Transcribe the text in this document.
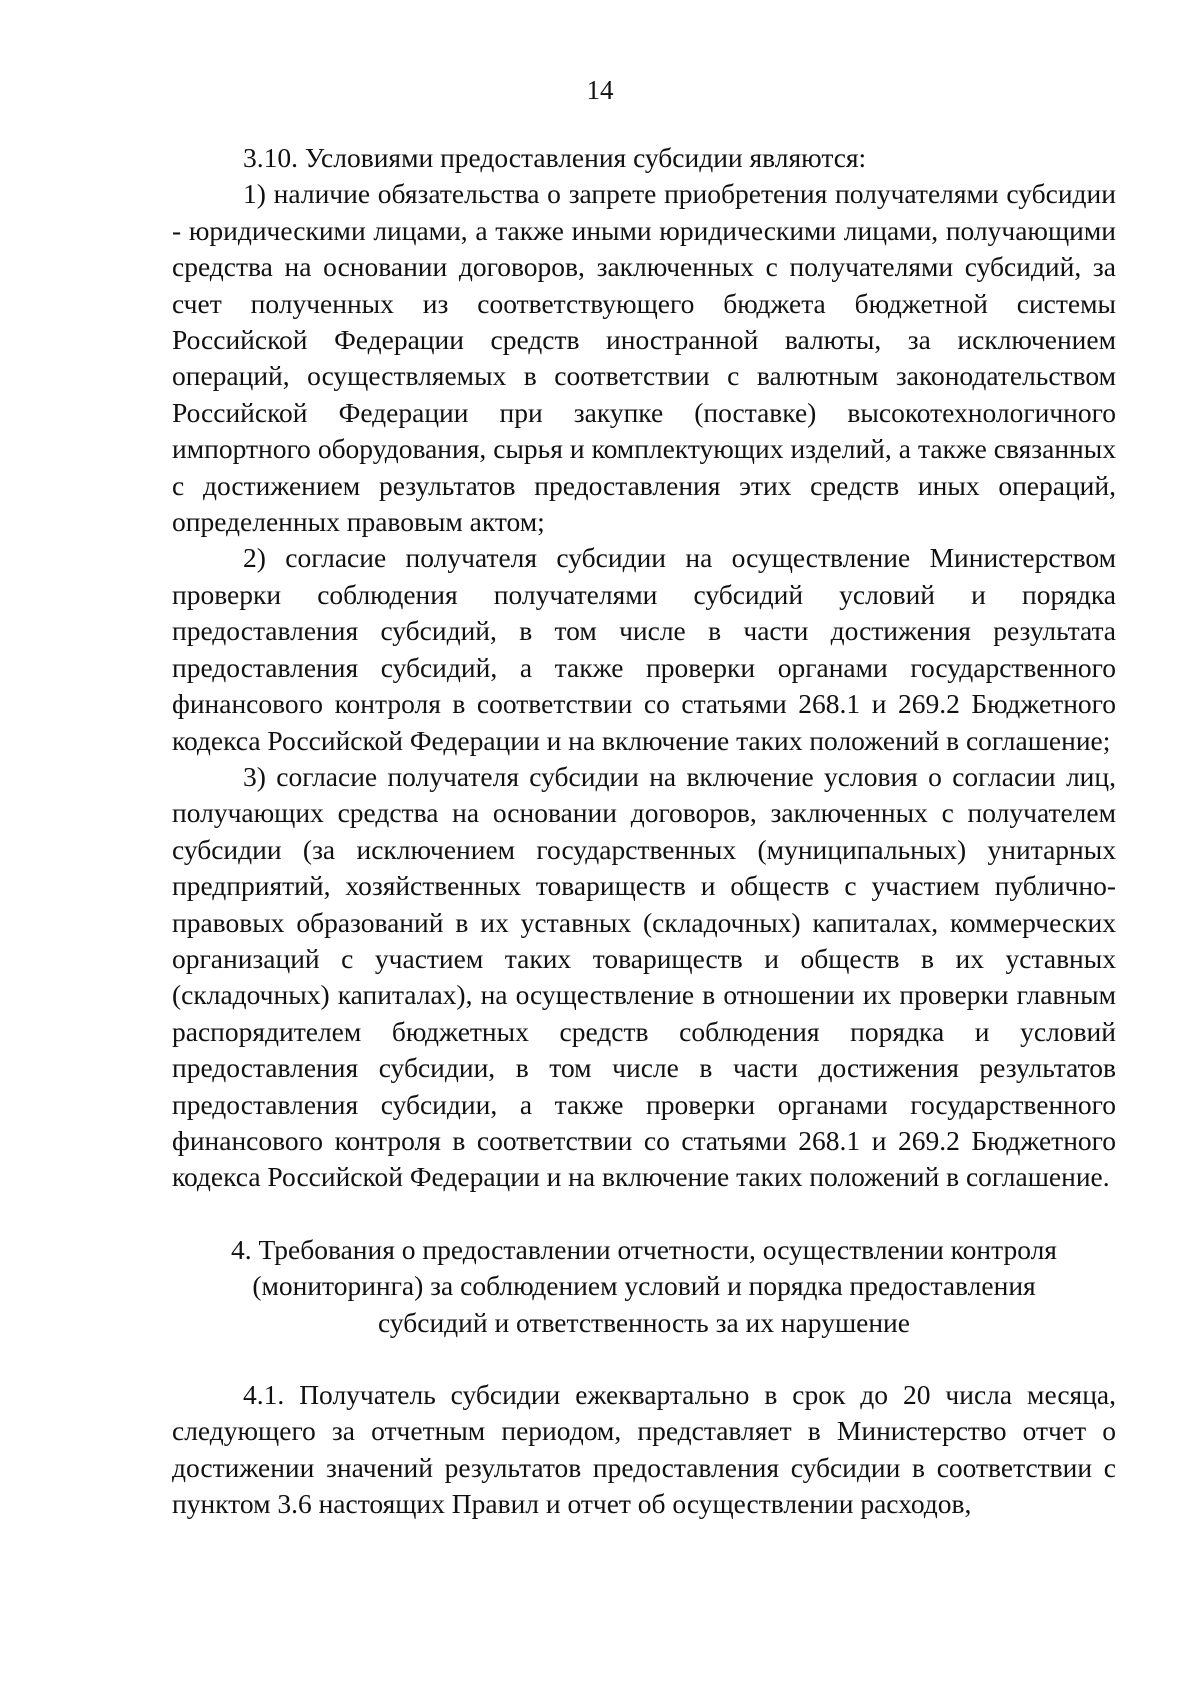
14

3.10. Условиями предоставления субсидии являются:

1) наличие обязательства о запрете приобретения получателями субсидии - юридическими лицами, а также иными юридическими лицами, получающими средства на основании договоров, заключенных с получателями субсидий, за счет полученных из соответствующего бюджета бюджетной системы Российской Федерации средств иностранной валюты, за исключением операций, осуществляемых в соответствии с валютным законодательством Российской Федерации при закупке (поставке) высокотехнологичного импортного оборудования, сырья и комплектующих изделий, а также связанных с достижением результатов предоставления этих средств иных операций, определенных правовым актом;

2) согласие получателя субсидии на осуществление Министерством проверки соблюдения получателями субсидий условий и порядка предоставления субсидий, в том числе в части достижения результата предоставления субсидий, а также проверки органами государственного финансового контроля в соответствии со статьями 268.1 и 269.2 Бюджетного кодекса Российской Федерации и на включение таких положений в соглашение;

3) согласие получателя субсидии на включение условия о согласии лиц, получающих средства на основании договоров, заключенных с получателем субсидии (за исключением государственных (муниципальных) унитарных предприятий, хозяйственных товариществ и обществ с участием публично-правовых образований в их уставных (складочных) капиталах, коммерческих организаций с участием таких товариществ и обществ в их уставных (складочных) капиталах), на осуществление в отношении их проверки главным распорядителем бюджетных средств соблюдения порядка и условий предоставления субсидии, в том числе в части достижения результатов предоставления субсидии, а также проверки органами государственного финансового контроля в соответствии со статьями 268.1 и 269.2 Бюджетного кодекса Российской Федерации и на включение таких положений в соглашение.

4. Требования о предоставлении отчетности, осуществлении контроля
(мониторинга) за соблюдением условий и порядка предоставления
субсидий и ответственность за их нарушение

4.1. Получатель субсидии ежеквартально в срок до 20 числа месяца, следующего за отчетным периодом, представляет в Министерство отчет о достижении значений результатов предоставления субсидии в соответствии с пунктом 3.6 настоящих Правил и отчет об осуществлении расходов,
